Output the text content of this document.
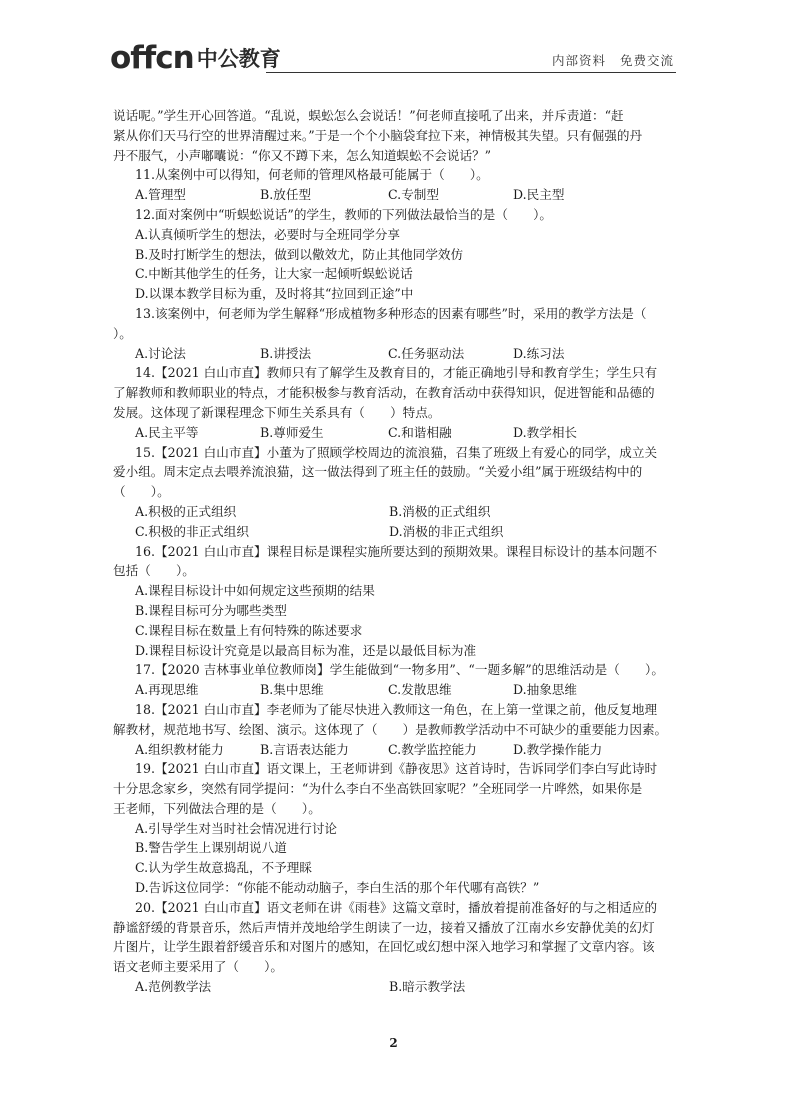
offcn 中公教育	内部资料 免费交流
说话呢。”学生开心回答道。“乱说，蜈蚣怎么会说话！”何老师直接吼了出来，并斥责道：“赶
紧从你们天马行空的世界清醒过来。”于是一个个小脑袋耷拉下来，神情极其失望。只有倔强的丹
丹不服气，小声嘟囔说：“你又不蹲下来，怎么知道蜈蚣不会说话？”
11.从案例中可以得知，何老师的管理风格最可能属于（　　）。
A.管理型	B.放任型	C.专制型	D.民主型
12.面对案例中“听蜈蚣说话”的学生，教师的下列做法最恰当的是（　　）。
A.认真倾听学生的想法，必要时与全班同学分享
B.及时打断学生的想法，做到以儆效尤，防止其他同学效仿
C.中断其他学生的任务，让大家一起倾听蜈蚣说话
D.以课本教学目标为重，及时将其“拉回到正途”中
13.该案例中，何老师为学生解释“形成植物多种形态的因素有哪些”时，采用的教学方法是（
）。
A.讨论法	B.讲授法	C.任务驱动法	D.练习法
14.【2021 白山市直】教师只有了解学生及教育目的，才能正确地引导和教育学生；学生只有
了解教师和教师职业的特点，才能积极参与教育活动，在教育活动中获得知识，促进智能和品德的
发展。这体现了新课程理念下师生关系具有（　　）特点。
A.民主平等	B.尊师爱生	C.和谐相融	D.教学相长
15.【2021 白山市直】小董为了照顾学校周边的流浪猫，召集了班级上有爱心的同学，成立关
爱小组。周末定点去喂养流浪猫，这一做法得到了班主任的鼓励。“关爱小组”属于班级结构中的
（　　）。
A.积极的正式组织	B.消极的正式组织
C.积极的非正式组织	D.消极的非正式组织
16.【2021 白山市直】课程目标是课程实施所要达到的预期效果。课程目标设计的基本问题不
包括（　　）。
A.课程目标设计中如何规定这些预期的结果
B.课程目标可分为哪些类型
C.课程目标在数量上有何特殊的陈述要求
D.课程目标设计究竟是以最高目标为准，还是以最低目标为准
17.【2020 吉林事业单位教师岗】学生能做到“一物多用”、“一题多解”的思维活动是（　　）。
A.再现思维	B.集中思维	C.发散思维	D.抽象思维
18.【2021 白山市直】李老师为了能尽快进入教师这一角色，在上第一堂课之前，他反复地理
解教材，规范地书写、绘图、演示。这体现了（　　）是教师教学活动中不可缺少的重要能力因素。
A.组织教材能力	B.言语表达能力	C.教学监控能力	D.教学操作能力
19.【2021 白山市直】语文课上，王老师讲到《静夜思》这首诗时，告诉同学们李白写此诗时
十分思念家乡，突然有同学提问：“为什么李白不坐高铁回家呢？”全班同学一片哗然，如果你是
王老师，下列做法合理的是（　　）。
A.引导学生对当时社会情况进行讨论
B.警告学生上课别胡说八道
C.认为学生故意捣乱，不予理睬
D.告诉这位同学：“你能不能动动脑子，李白生活的那个年代哪有高铁？”
20.【2021 白山市直】语文老师在讲《雨巷》这篇文章时，播放着提前准备好的与之相适应的
静谧舒缓的背景音乐，然后声情并茂地给学生朗读了一边，接着又播放了江南水乡安静优美的幻灯
片图片，让学生跟着舒缓音乐和对图片的感知，在回忆或幻想中深入地学习和掌握了文章内容。该
语文老师主要采用了（　　）。
A.范例教学法	B.暗示教学法
2
